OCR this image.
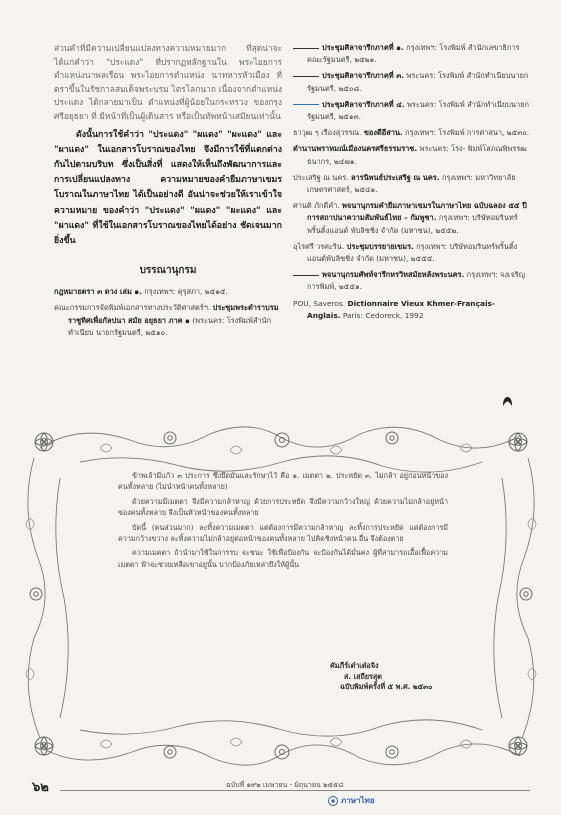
ส่วนคำที่มีความเปลี่ยนแปลงทางความหมายมาก ที่สุดน่าจะได้แก่คำว่า "ประแดง" ที่ปรากฏหลักฐานใน พระไอยการตำแหน่งนาพลเรือน พระไอยการตำแหน่ง นาทหารหัวเมือง ที่ตราขึ้นในรัชกาลสมเด็จพระบรม ไตรโลกนาถ เนื่องจากตำแหน่งประแดง ได้กลายมาเป็น ตำแหน่งที่ผู้น้อยในกระทรวง ของกรุงศรีอยุธยา ที่ มีหน้าที่เป็นผู้เดินสาร หรือเป็นทัพหน้าเสมียนเท่านั้น

ดังนั้นการใช้คำว่า "ประแดง" "ผแดง" "ผะแดง" และ "ผาแดง" ในเอกสารโบราณของไทย จึงมีการใช้ที่แตกต่างกันไปตามบริบท ซึ่งเป็นสิ่งที่ แสดงให้เห็นถึงพัฒนาการและการเปลี่ยนแปลงทาง ความหมายของคำยืมภาษาเขมรโบราณในภาษาไทย ได้เป็นอย่างดี อันน่าจะช่วยให้เราเข้าใจความหมาย ของคำว่า "ประแดง" "ผแดง" "ผะแดง" และ "ผาแดง" ที่ใช้ในเอกสารโบราณของไทยได้อย่าง ชัดเจนมากยิ่งขึ้น

บรรณานุกรม

กฎหมายตรา ๓ ดวง เล่ม ๑. กรุงเทพฯ: คุรุสภา, ๒๕๑๕.

คณะกรรมการจัดพิมพ์เอกสารทางประวัติศาสตร์ฯ. ประชุมพระตำราบรมราชูทิศเพื่อกัลปนา สมัย อยุธยา ภาค ๑ (พระนคร: โรงพิมพ์สำนักทำเนียบ นายกรัฐมนตรี, ๒๕๑๐.

ประชุมศิลาจารึกภาคที่ ๑. กรุงเทพฯ: โรงพิมพ์ สำนักเลขาธิการคณะรัฐมนตรี, ๒๕๒๑.

ประชุมศิลาจารึกภาคที่ ๓. พระนคร: โรงพิมพ์ สำนักทำเนียบนายกรัฐมนตรี, ๒๕๐๘.

ประชุมศิลาจารึกภาคที่ ๔. พระนคร: โรงพิมพ์ สำนักทำเนียบนายกรัฐมนตรี, ๒๕๑๓.

ธาวุฒ ๆ เรืองสุวรรณ. ของดีอีสาน. กรุงเทพฯ: โรงพิมพ์ การศาสนา, ๒๕๓๐.

ตำนานพราหมณ์เมืองนครศรีธรรมราช. พระนคร: โรง- พิมพ์โสภณพิพรรฒธนากร, ๒๔๗๑.

ประเสริฐ ณ นคร. ลารนิพนธ์ประเสริฐ ณ นคร. กรุงเทพฯ: มหาวิทยาลัยเกษตรศาสตร์, ๒๕๔๑.

ศานติ ภักดีคำ. พจนานุกรมคำยืมภาษาเขมรในภาษาไทย ฉบับฉลอง ๕๕ ปี การสถาปนาความสัมพันธ์ไทย – กัมพูชา. กรุงเทพฯ: บริษัทอมรินทร์พริ้นติ้งแอนด์ พับลิชชิ่ง จำกัด (มหาชน), ๒๕๕๒.

อุไรศรี วรศะริน. ประชุมบรรยายเขมร. กรุงเทพฯ: บริษัทอมรินทร์พริ้นติ้งแอนด์พับลิชชิ่ง จำกัด (มหาชน), ๒๕๕๕.

พจนานุกรมศัพท์จารึกหรวิหสมัยหลังพระนคร. กรุงเทพฯ: จงเจริญการพิมพ์, ๒๕๕๑.

POU, Saveros. Dictionnaire Vieux Khmer-Français- Anglais. Paris: Cedoreck, 1992

ข้าพเจ้ามีแก้ว ๓ ประการ ซึ่งยึดมั่นและรักษาไว้ คือ ๑. เมตตา ๒. ประหยัด ๓. ไม่กล้า อยู่ก่อนหน้าของคนทั้งหลาย (ไม่นำหน้าคนทั้งหลาย)

ด้วยความมีเมตตา จึงมีความกล้าหาญ ด้วยการประหยัด จึงมีความกว้างใหญ่ ด้วยความไม่กล้าอยู่หน้าของคนทั้งหลาย จึงเป็นหัวหน้าของคนทั้งหลาย

บัดนี้ (คนส่วนมาก) ละทิ้งความเมตตา แต่ต้องการมีความกล้าหาญ ละทิ้งการประหยัด แต่ต้องการมีความกว้างขวาง ละทิ้งความไม่กล้าอยู่ต่อหน้าของคนทั้งหลาย ไปคิดชิงหน้าคน อื่น จึงต้องตาย

ความเมตตา ถ้านำมาใช้ในการรบ จะชนะ ใช้เพื่อป้องกัน จะป้องกันได้มั่นคง ผู้ที่สามารถเอื้อเฟื้อความเมตตา ฟ้าจะช่วยเหลือเขาอยู่นั้น บากป้องภัยเหล่ายึงให้ผู้นั้น

คัมภีร์เต๋าเต๋อจิง
ส. เสถียรสุต
ฉบับพิมพ์ครั้งที่ ๕ พ.ศ. ๒๕๓๐
๖๒	ฉบับที่ ๑๙๒ เมษายน - มิถุนายน ๒๕๕๘
ภาษาไทย
